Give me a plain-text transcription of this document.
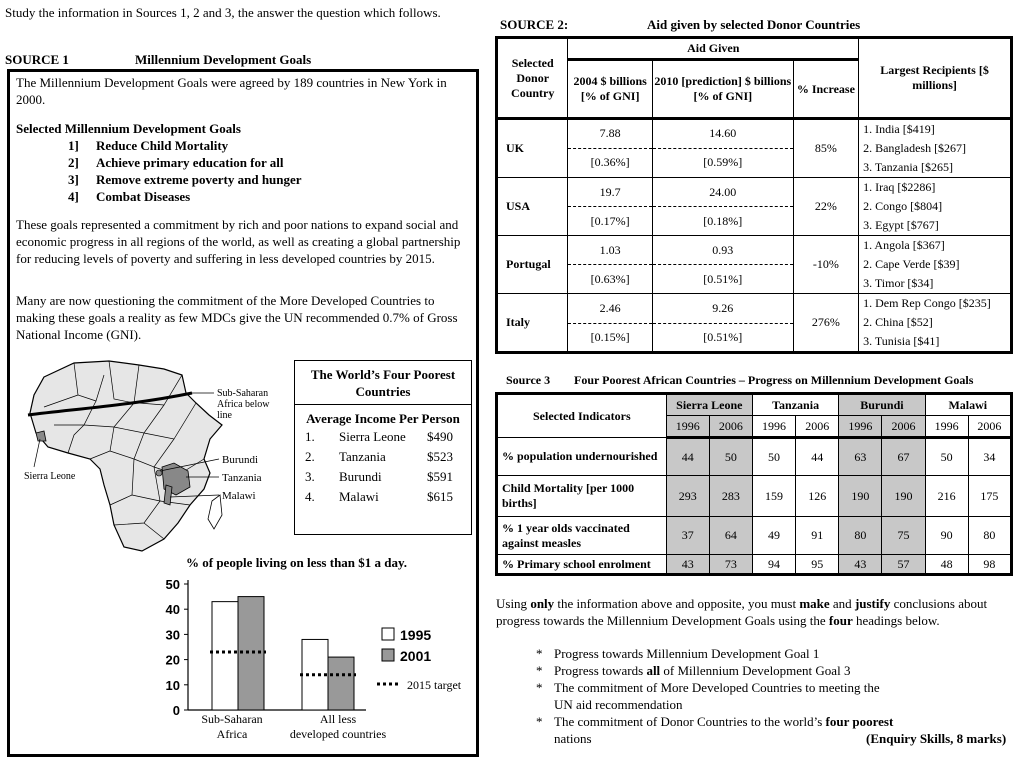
Study the information in Sources 1, 2 and 3, the answer the question which follows.
SOURCE 1	Millennium Development Goals

The Millennium Development Goals were agreed by 189 countries in New York in 2000.

Selected Millennium Development Goals
1] Reduce Child Mortality
2] Achieve primary education for all
3] Remove extreme poverty and hunger
4] Combat Diseases

These goals represented a commitment by rich and poor nations to expand social and economic progress in all regions of the world, as well as creating a global partnership for reducing levels of poverty and suffering in less developed countries by 2015.

Many are now questioning the commitment of the More Developed Countries to making these goals a reality as few MDCs give the UN recommended 0.7% of Gross National Income (GNI).

Sub-Saharan Africa below line
Burundi
Tanzania
Malawi
Sierra Leone
The World’s Four Poorest Countries
Average Income Per Person
1. Sierra Leone $490
2. Tanzania	$523
3. Burundi	$591
4. Malawi	$615
% of people living on less than $1 a day.
0
10
20
30
40
50
Sub-Saharan Africa
All less developed countries
1995
2001
2015 target
SOURCE 2:	Aid given by selected Donor Countries
Selected Donor Country	Aid Given			Largest Recipients [$ millions]
	2004 $ billions [% of GNI]	2010 [prediction] $ billions [% of GNI]	% Increase	
UK	7.88	14.60	85%	1. India [$419]
2. Bangladesh [$267]
3. Tanzania [$265]

	[0.36%]	[0.59%]		
USA	19.7	24.00	22%	1. Iraq [$2286]
2. Congo [$804]
3. Egypt [$767]

	[0.17%]	[0.18%]		
Portugal	1.03	0.93	-10%	1. Angola [$367]
2. Cape Verde [$39]
3. Timor [$34]

	[0.63%]	[0.51%]		
Italy	2.46	9.26	276%	1. Dem Rep Congo [$235]
2. China [$52]
3. Tunisia [$41]

	[0.15%]	[0.51%]		
Source 3 Four Poorest African Countries – Progress on Millennium Development Goals
Selected Indicators	Sierra Leone		Tanzania		Burundi		Malawi	
	1996	2006	1996	2006	1996	2006	1996	2006
% population undernourished	44	50	50	44	63	67	50	34
Child Mortality [per 1000 births]	293	283	159	126	190	190	216	175
% 1 year olds vaccinated against measles	37	64	49	91	80	75	90	80
% Primary school enrolment	43	73	94	95	43	57	48	98
Using only the information above and opposite, you must make and justify conclusions about progress towards the Millennium Development Goals using the four headings below.
* Progress towards Millennium Development Goal 1
* Progress towards all of Millennium Development Goal 3
* The commitment of More Developed Countries to meeting the UN aid recommendation
* The commitment of Donor Countries to the world’s four poorest nations	(Enquiry Skills, 8 marks)
